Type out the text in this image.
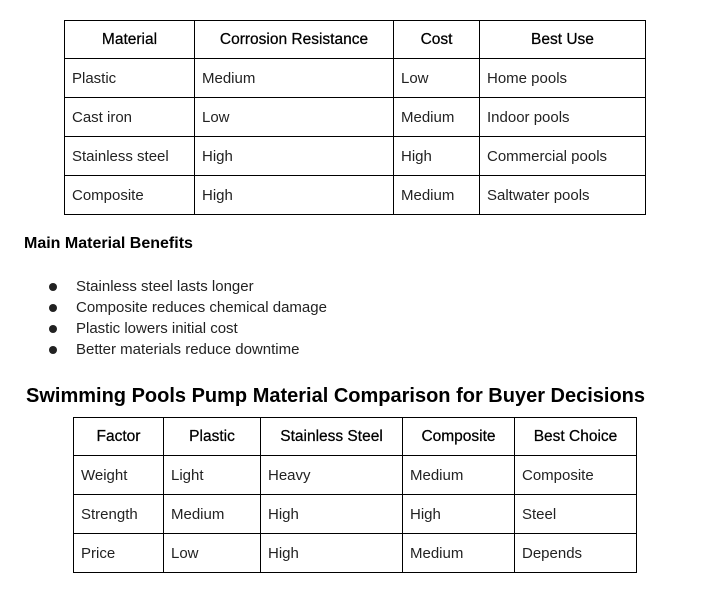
Material	Corrosion Resistance	Cost	Best Use
Plastic	Medium	Low	Home pools
Cast iron	Low	Medium	Indoor pools
Stainless steel	High	High	Commercial pools
Composite	High	Medium	Saltwater pools
Main Material Benefits
Stainless steel lasts longer
Composite reduces chemical damage
Plastic lowers initial cost
Better materials reduce downtime
Swimming Pools Pump Material Comparison for Buyer Decisions
Factor	Plastic	Stainless Steel	Composite	Best Choice
Weight	Light	Heavy	Medium	Composite
Strength	Medium	High	High	Steel
Price	Low	High	Medium	Depends
